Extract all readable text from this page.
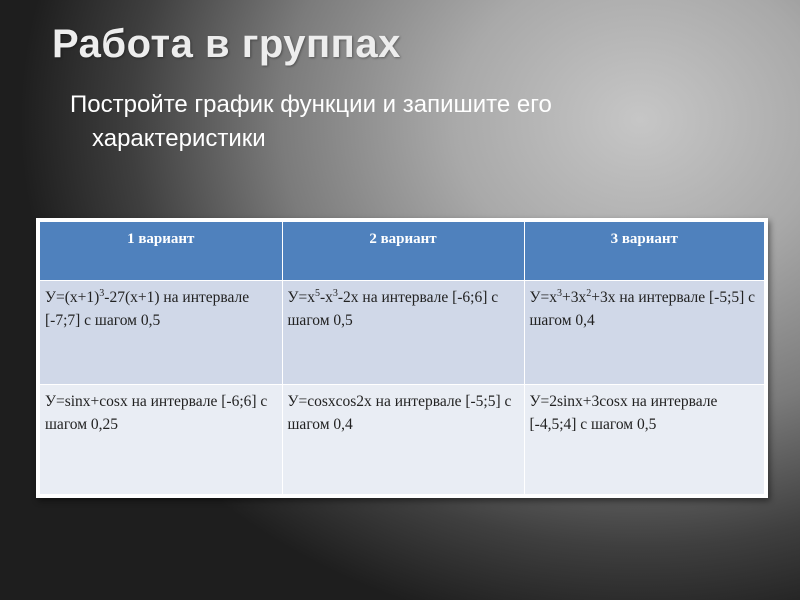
Работа в группах

Постройте график функции и запишите его
характеристики

1 вариант	2 вариант	3 вариант
$У=(х+1)^3-27(х+1)$ на интервале [-7;7] с шагом 0,5	$У=х^5-х^3-2х$ на интервале [-6;6] с шагом 0,5	$У=х^3+3х^2+3х$ на интервале [-5;5] с шагом 0,4
У=sinx+cosx на интервале [-6;6] с шагом 0,25	У=cosxcos2x на интервале [-5;5] с шагом 0,4	У=2sinx+3cosx на интервале [-4,5;4] с шагом 0,5
